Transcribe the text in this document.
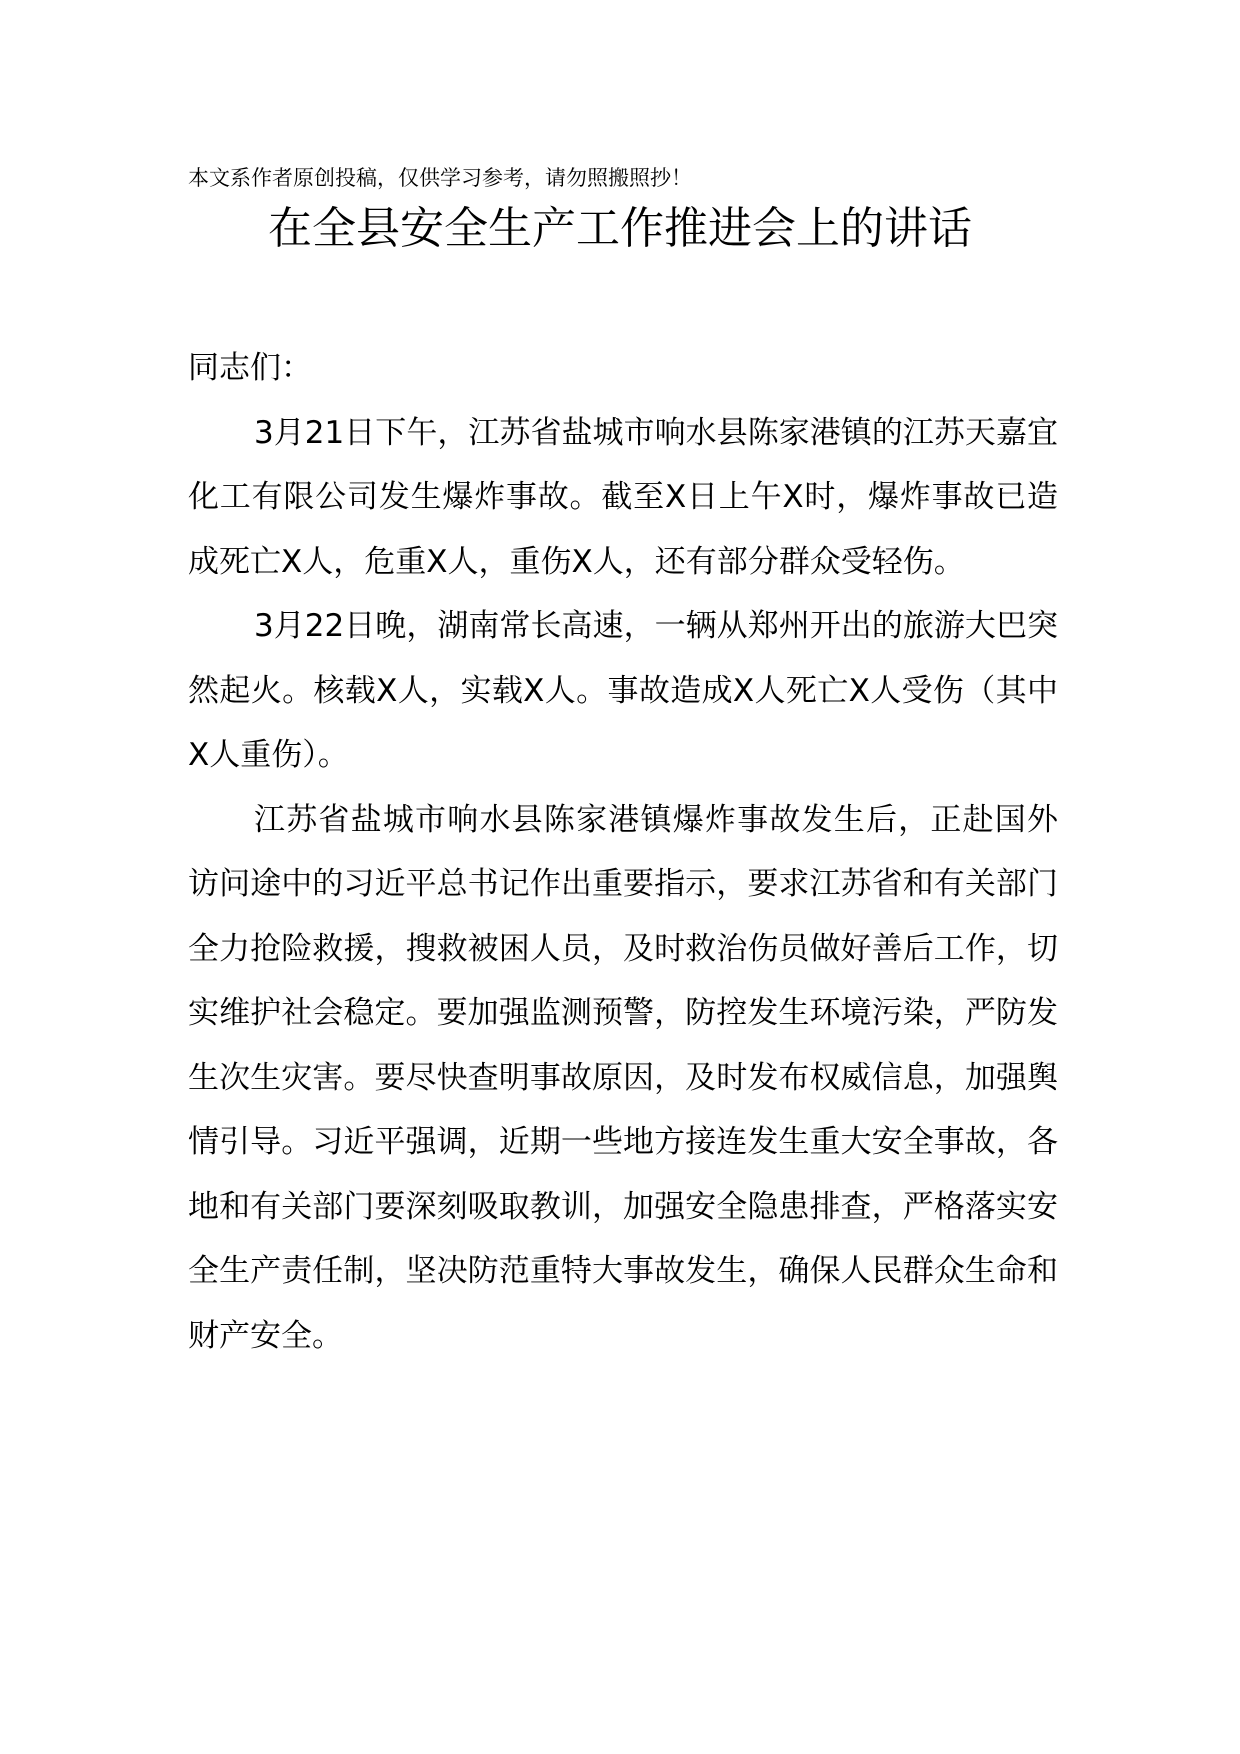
本文系作者原创投稿，仅供学习参考，请勿照搬照抄！
在全县安全生产工作推进会上的讲话

同志们：

3月21日下午，江苏省盐城市响水县陈家港镇的江苏天嘉宜化工有限公司发生爆炸事故。截至X日上午X时，爆炸事故已造成死亡X人，危重X人，重伤X人，还有部分群众受轻伤。

3月22日晚，湖南常长高速，一辆从郑州开出的旅游大巴突然起火。核载X人，实载X人。事故造成X人死亡X人受伤（其中X人重伤）。

江苏省盐城市响水县陈家港镇爆炸事故发生后，正赴国外访问途中的习近平总书记作出重要指示，要求江苏省和有关部门全力抢险救援，搜救被困人员，及时救治伤员做好善后工作，切实维护社会稳定。要加强监测预警，防控发生环境污染，严防发生次生灾害。要尽快查明事故原因，及时发布权威信息，加强舆情引导。习近平强调，近期一些地方接连发生重大安全事故，各地和有关部门要深刻吸取教训，加强安全隐患排查，严格落实安全生产责任制，坚决防范重特大事故发生，确保人民群众生命和财产安全。
